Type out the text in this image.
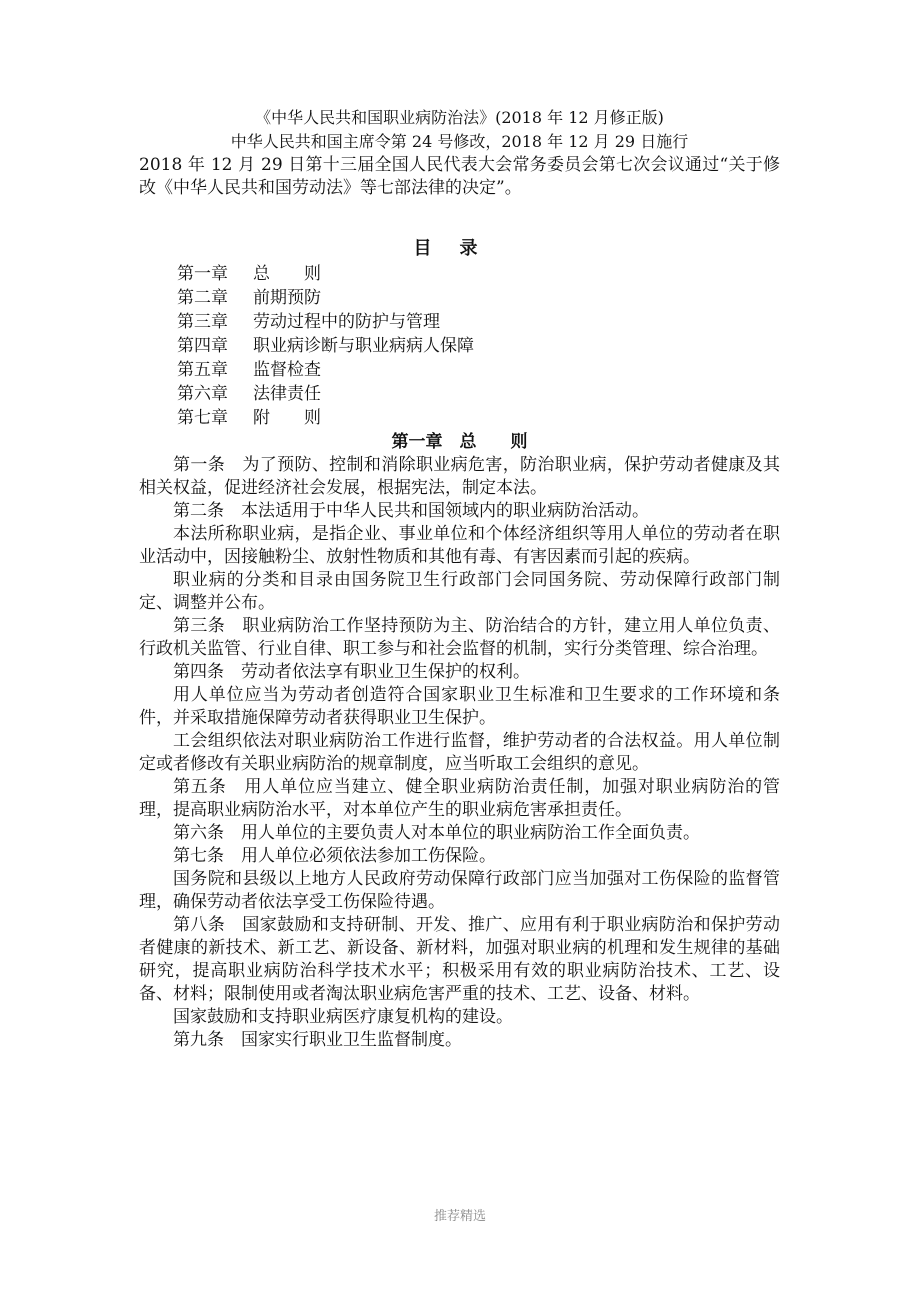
《中华人民共和国职业病防治法》(2018 年 12 月修正版)
中华人民共和国主席令第 24 号修改，2018 年 12 月 29 日施行

2018 年 12 月 29 日第十三届全国人民代表大会常务委员会第七次会议通过“关于修改《中华人民共和国劳动法》等七部法律的决定”。

目录
第一章 总　　则
第二章 前期预防
第三章 劳动过程中的防护与管理
第四章 职业病诊断与职业病病人保障
第五章 监督检查
第六章 法律责任
第七章 附　　则
第一章　总　　则

第一条　为了预防、控制和消除职业病危害，防治职业病，保护劳动者健康及其相关权益，促进经济社会发展，根据宪法，制定本法。

第二条　本法适用于中华人民共和国领域内的职业病防治活动。

本法所称职业病，是指企业、事业单位和个体经济组织等用人单位的劳动者在职业活动中，因接触粉尘、放射性物质和其他有毒、有害因素而引起的疾病。

职业病的分类和目录由国务院卫生行政部门会同国务院、劳动保障行政部门制定、调整并公布。

第三条　职业病防治工作坚持预防为主、防治结合的方针，建立用人单位负责、行政机关监管、行业自律、职工参与和社会监督的机制，实行分类管理、综合治理。

第四条　劳动者依法享有职业卫生保护的权利。

用人单位应当为劳动者创造符合国家职业卫生标准和卫生要求的工作环境和条件，并采取措施保障劳动者获得职业卫生保护。

工会组织依法对职业病防治工作进行监督，维护劳动者的合法权益。用人单位制定或者修改有关职业病防治的规章制度，应当听取工会组织的意见。

第五条　用人单位应当建立、健全职业病防治责任制，加强对职业病防治的管理，提高职业病防治水平，对本单位产生的职业病危害承担责任。

第六条　用人单位的主要负责人对本单位的职业病防治工作全面负责。

第七条　用人单位必须依法参加工伤保险。

国务院和县级以上地方人民政府劳动保障行政部门应当加强对工伤保险的监督管理，确保劳动者依法享受工伤保险待遇。

第八条　国家鼓励和支持研制、开发、推广、应用有利于职业病防治和保护劳动者健康的新技术、新工艺、新设备、新材料，加强对职业病的机理和发生规律的基础研究，提高职业病防治科学技术水平；积极采用有效的职业病防治技术、工艺、设备、材料；限制使用或者淘汰职业病危害严重的技术、工艺、设备、材料。

国家鼓励和支持职业病医疗康复机构的建设。

第九条　国家实行职业卫生监督制度。

推荐精选
